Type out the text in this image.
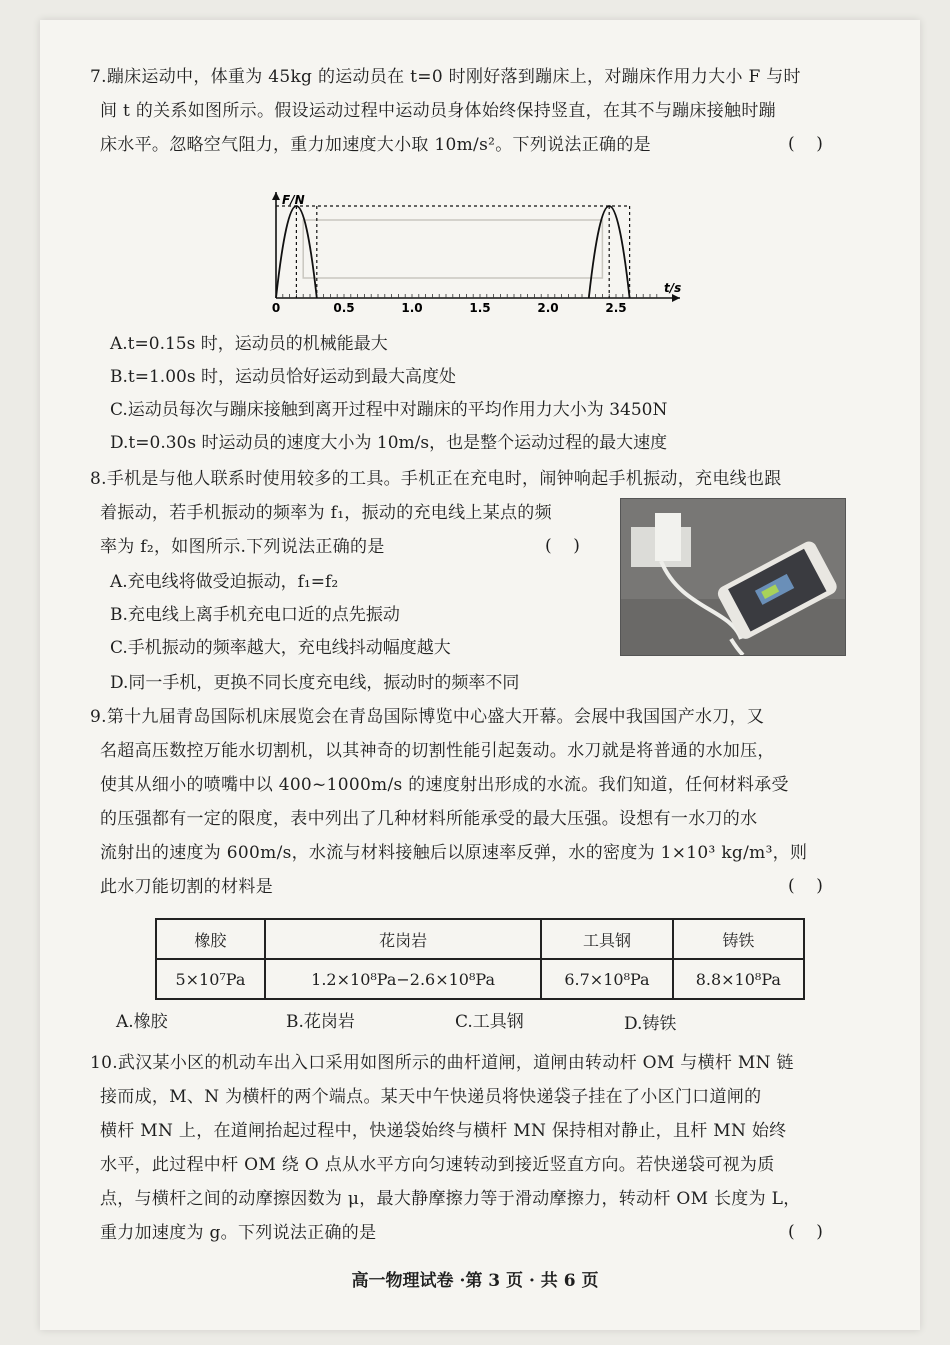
7.蹦床运动中，体重为 45kg 的运动员在 t=0 时刚好落到蹦床上，对蹦床作用力大小 F 与时
间 t 的关系如图所示。假设运动过程中运动员身体始终保持竖直，在其不与蹦床接触时蹦
床水平。忽略空气阻力，重力加速度大小取 10m/s²。下列说法正确的是	(    )
F/N
t/s
0	0.5	1.0	1.5	2.0	2.5
A.t=0.15s 时，运动员的机械能最大
B.t=1.00s 时，运动员恰好运动到最大高度处
C.运动员每次与蹦床接触到离开过程中对蹦床的平均作用力大小为 3450N
D.t=0.30s 时运动员的速度大小为 10m/s，也是整个运动过程的最大速度
8.手机是与他人联系时使用较多的工具。手机正在充电时，闹钟响起手机振动，充电线也跟
着振动，若手机振动的频率为 f₁，振动的充电线上某点的频
率为 f₂，如图所示.下列说法正确的是	(    )
A.充电线将做受迫振动，f₁=f₂
B.充电线上离手机充电口近的点先振动
C.手机振动的频率越大，充电线抖动幅度越大
D.同一手机，更换不同长度充电线，振动时的频率不同
9.第十九届青岛国际机床展览会在青岛国际博览中心盛大开幕。会展中我国国产水刀，又
名超高压数控万能水切割机，以其神奇的切割性能引起轰动。水刀就是将普通的水加压，
使其从细小的喷嘴中以 400~1000m/s 的速度射出形成的水流。我们知道，任何材料承受
的压强都有一定的限度，表中列出了几种材料所能承受的最大压强。设想有一水刀的水
流射出的速度为 600m/s，水流与材料接触后以原速率反弹，水的密度为 1×10³ kg/m³，则
此水刀能切割的材料是	(    )
橡胶	花岗岩	工具钢	铸铁
5×10⁷Pa	1.2×10⁸Pa−2.6×10⁸Pa	6.7×10⁸Pa	8.8×10⁸Pa
A.橡胶	B.花岗岩	C.工具钢	D.铸铁
10.武汉某小区的机动车出入口采用如图所示的曲杆道闸，道闸由转动杆 OM 与横杆 MN 链
接而成，M、N 为横杆的两个端点。某天中午快递员将快递袋子挂在了小区门口道闸的
横杆 MN 上，在道闸抬起过程中，快递袋始终与横杆 MN 保持相对静止，且杆 MN 始终
水平，此过程中杆 OM 绕 O 点从水平方向匀速转动到接近竖直方向。若快递袋可视为质
点，与横杆之间的动摩擦因数为 μ，最大静摩擦力等于滑动摩擦力，转动杆 OM 长度为 L，
重力加速度为 g。下列说法正确的是	(    )
高一物理试卷 ·第 3 页 · 共 6 页
